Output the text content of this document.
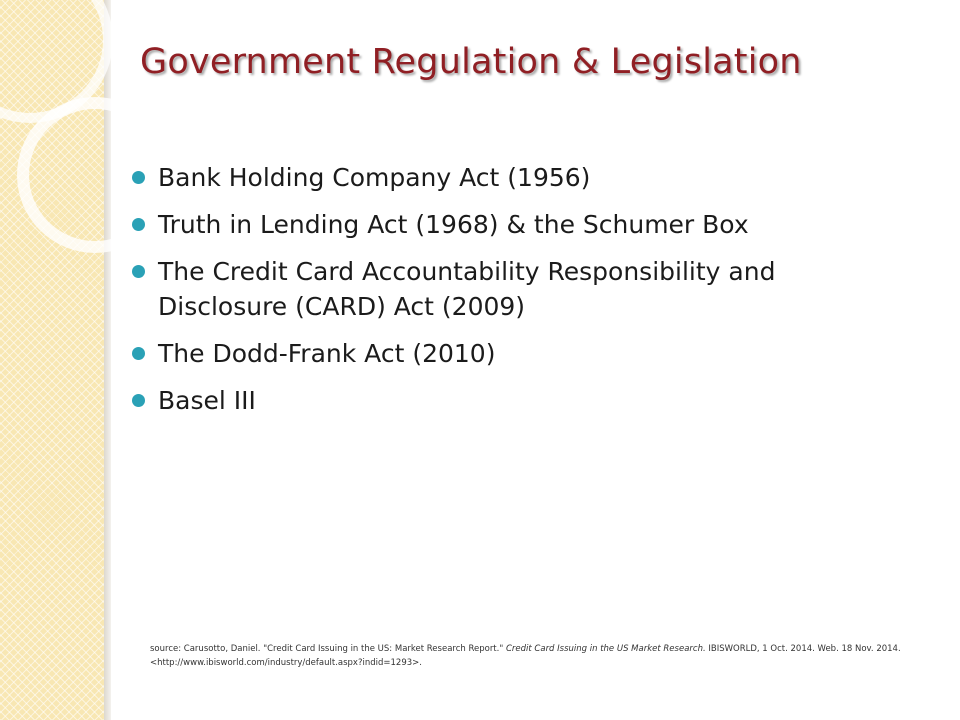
Government Regulation & Legislation
Bank Holding Company Act (1956)
Truth in Lending Act (1968) & the Schumer Box
The Credit Card Accountability Responsibility and Disclosure (CARD) Act (2009)
The Dodd-Frank Act (2010)
Basel III

source: Carusotto, Daniel. "Credit Card Issuing in the US: Market Research Report." Credit Card Issuing in the US Market Research. IBISWORLD, 1 Oct. 2014. Web. 18 Nov. 2014.
<http://www.ibisworld.com/industry/default.aspx?indid=1293>.
